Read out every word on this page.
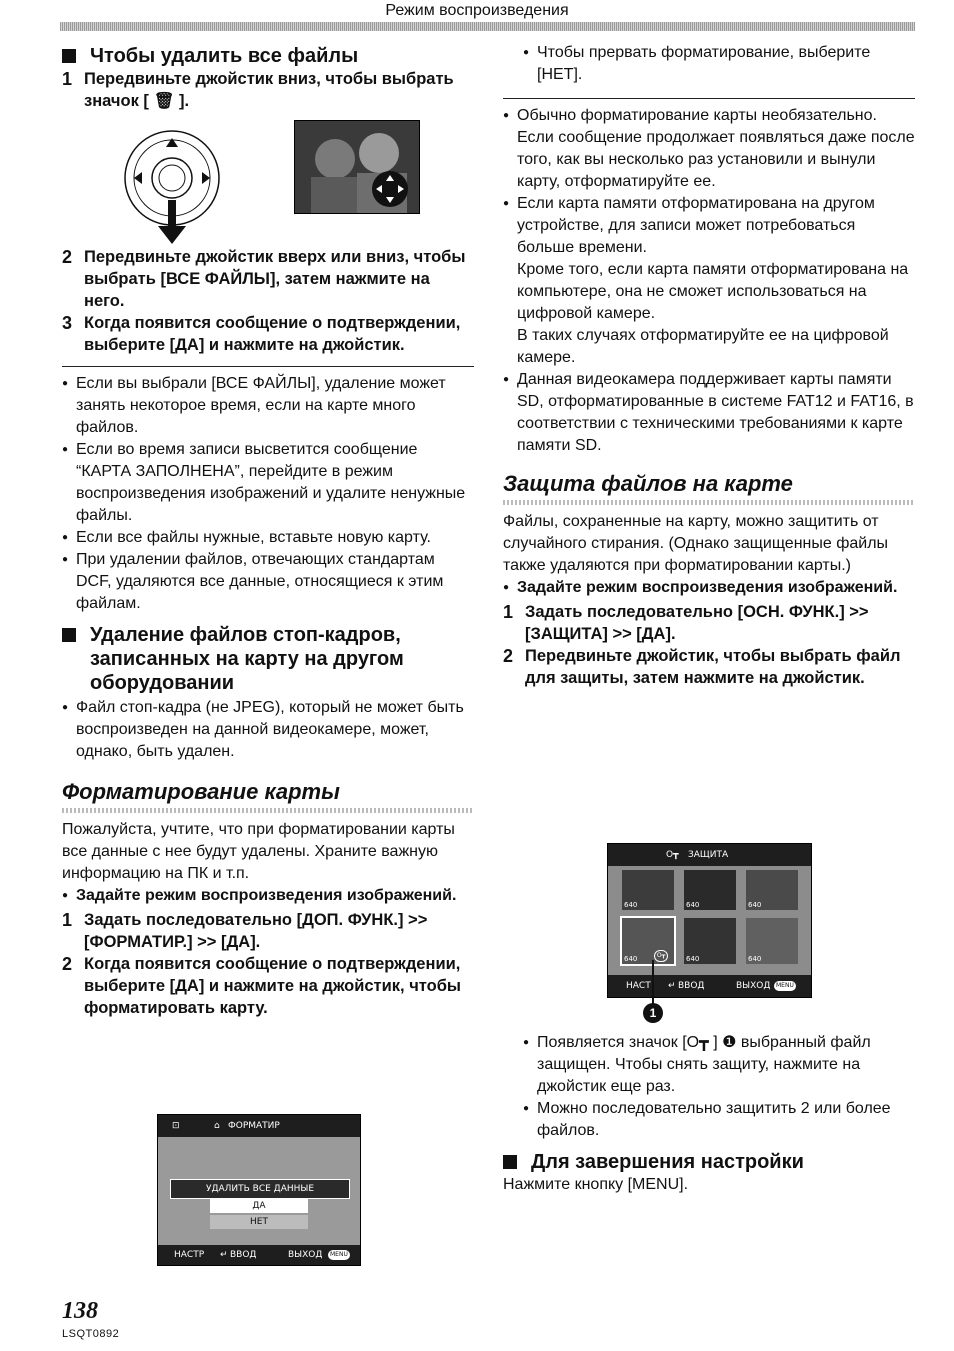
Режим воспроизведения
Чтобы удалить все файлы
1 Передвиньте джойстик вниз, чтобы выбрать значок [ 🗑 ].
2 Передвиньте джойстик вверх или вниз, чтобы выбрать [ВСЕ ФАЙЛЫ], затем нажмите на него.
3 Когда появится сообщение о подтверждении, выберите [ДА] и нажмите на джойстик.
● Если вы выбрали [ВСЕ ФАЙЛЫ], удаление может занять некоторое время, если на карте много файлов.
● Если во время записи высветится сообщение “КАРТА ЗАПОЛНЕНА”, перейдите в режим воспроизведения изображений и удалите ненужные файлы.
● Если все файлы нужные, вставьте новую карту.
● При удалении файлов, отвечающих стандартам DCF, удаляются все данные, относящиеся к этим файлам.
Удаление файлов стоп-кадров, записанных на карту на другом оборудовании
● Файл стоп-кадра (не JPEG), который не может быть воспроизведен на данной видеокамере, может, однако, быть удален.
Форматирование карты
Пожалуйста, учтите, что при форматировании карты все данные с нее будут удалены. Храните важную информацию на ПК и т.п.
● Задайте режим воспроизведения изображений.
1 Задать последовательно [ДОП. ФУНК.] >> [ФОРМАТИР.] >> [ДА].
2 Когда появится сообщение о подтверждении, выберите [ДА] и нажмите на джойстик, чтобы форматировать карту.
⊡	⌂ ФОРМАТИР
УДАЛИТЬ ВСЕ ДАННЫЕ
ДА
НЕТ
НАСТР ↵ ВВОД	ВЫХОД	MENU
● Чтобы прервать форматирование, выберите [НЕТ].
● Обычно форматирование карты необязательно. Если сообщение продолжает появляться даже после того, как вы несколько раз установили и вынули карту, отформатируйте ее.
● Если карта памяти отформатирована на другом устройстве, для записи может потребоваться больше времени.
Кроме того, если карта памяти отформатирована на компьютере, она не сможет использоваться на цифровой камере.
В таких случаях отформатируйте ее на цифровой камере.
● Данная видеокамера поддерживает карты памяти SD, отформатированные в системе FAT12 и FAT16, в соответствии с техническими требованиями к карте памяти SD.
Защита файлов на карте
Файлы, сохраненные на карту, можно защитить от случайного стирания. (Однако защищенные файлы также удаляются при форматировании карты.)
● Задайте режим воспроизведения изображений.
1 Задать последовательно [ОСН. ФУНК.] >> [ЗАЩИТА] >> [ДА].
2 Передвиньте джойстик, чтобы выбрать файл для защиты, затем нажмите на джойстик.
O┳ ЗАЩИТА
640	640	640
640	O┳	640	640
НАСТ ↵ ВВОД	ВЫХОД MENU
1
● Появляется значок [O┳ ] ❶ выбранный файл защищен. Чтобы снять защиту, нажмите на джойстик еще раз.
● Можно последовательно защитить 2 или более файлов.
Для завершения настройки
Нажмите кнопку [MENU].
138
LSQT0892
